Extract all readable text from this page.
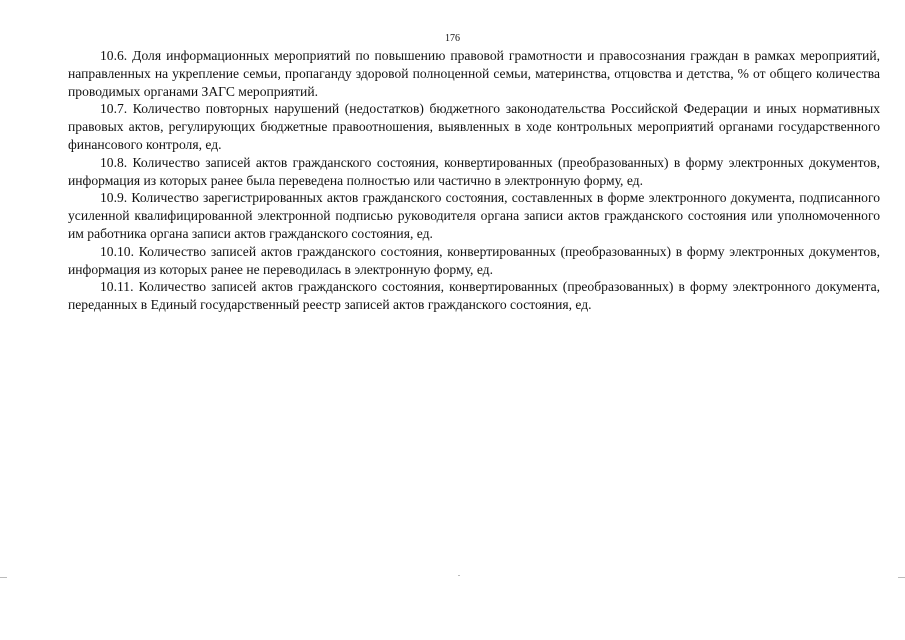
176

10.6. Доля информационных мероприятий по повышению правовой грамотности и правосознания граждан в рамках мероприятий, направленных на укрепление семьи, пропаганду здоровой полноценной семьи, материнства, отцовства и детства, % от общего количества проводимых органами ЗАГС мероприятий.

10.7. Количество повторных нарушений (недостатков) бюджетного законодательства Российской Федерации и иных нормативных правовых актов, регулирующих бюджетные правоотношения, выявленных в ходе контрольных мероприятий органами государственного финансового контроля, ед.

10.8. Количество записей актов гражданского состояния, конвертированных (преобразованных) в форму электронных документов, информация из которых ранее была переведена полностью или частично в электронную форму, ед.

10.9. Количество зарегистрированных актов гражданского состояния, составленных в форме электронного документа, подписанного усиленной квалифицированной электронной подписью руководителя органа записи актов гражданского состояния или уполномоченного им работника органа записи актов гражданского состояния, ед.

10.10. Количество записей актов гражданского состояния, конвертированных (преобразованных) в форму электронных документов, информация из которых ранее не переводилась в электронную форму, ед.

10.11. Количество записей актов гражданского состояния, конвертированных (преобразованных) в форму электронного документа, переданных в Единый государственный реестр записей актов гражданского состояния, ед.
